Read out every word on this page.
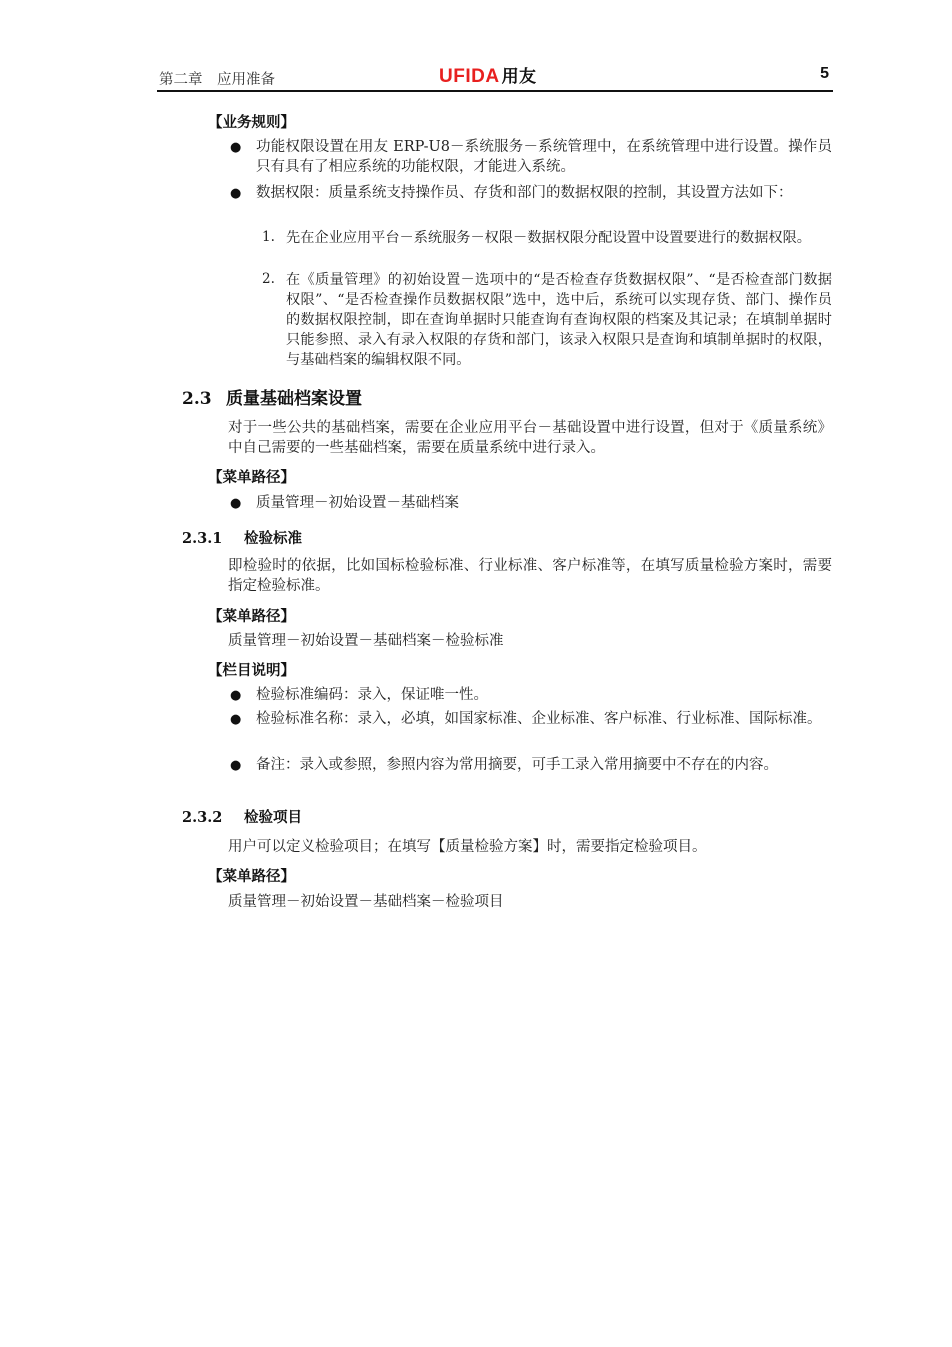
第二章　应用准备	UFIDA 用友	5
【业务规则】
● 功能权限设置在用友 ERP-U8－系统服务－系统管理中，在系统管理中进行设置。操作员只有具有了相应系统的功能权限，才能进入系统。
● 数据权限：质量系统支持操作员、存货和部门的数据权限的控制，其设置方法如下：
1. 先在企业应用平台－系统服务－权限－数据权限分配设置中设置要进行的数据权限。
2. 在《质量管理》的初始设置－选项中的“是否检查存货数据权限”、“是否检查部门数据权限”、“是否检查操作员数据权限”选中，选中后，系统可以实现存货、部门、操作员的数据权限控制，即在查询单据时只能查询有查询权限的档案及其记录；在填制单据时只能参照、录入有录入权限的存货和部门，该录入权限只是查询和填制单据时的权限，与基础档案的编辑权限不同。
2.3 质量基础档案设置
对于一些公共的基础档案，需要在企业应用平台－基础设置中进行设置，但对于《质量系统》中自己需要的一些基础档案，需要在质量系统中进行录入。
【菜单路径】
● 质量管理－初始设置－基础档案
2.3.1 检验标准
即检验时的依据，比如国标检验标准、行业标准、客户标准等，在填写质量检验方案时，需要指定检验标准。
【菜单路径】
质量管理－初始设置－基础档案－检验标准
【栏目说明】
● 检验标准编码：录入，保证唯一性。
● 检验标准名称：录入，必填，如国家标准、企业标准、客户标准、行业标准、国际标准。
● 备注：录入或参照，参照内容为常用摘要，可手工录入常用摘要中不存在的内容。
2.3.2 检验项目
用户可以定义检验项目；在填写【质量检验方案】时，需要指定检验项目。
【菜单路径】
质量管理－初始设置－基础档案－检验项目
